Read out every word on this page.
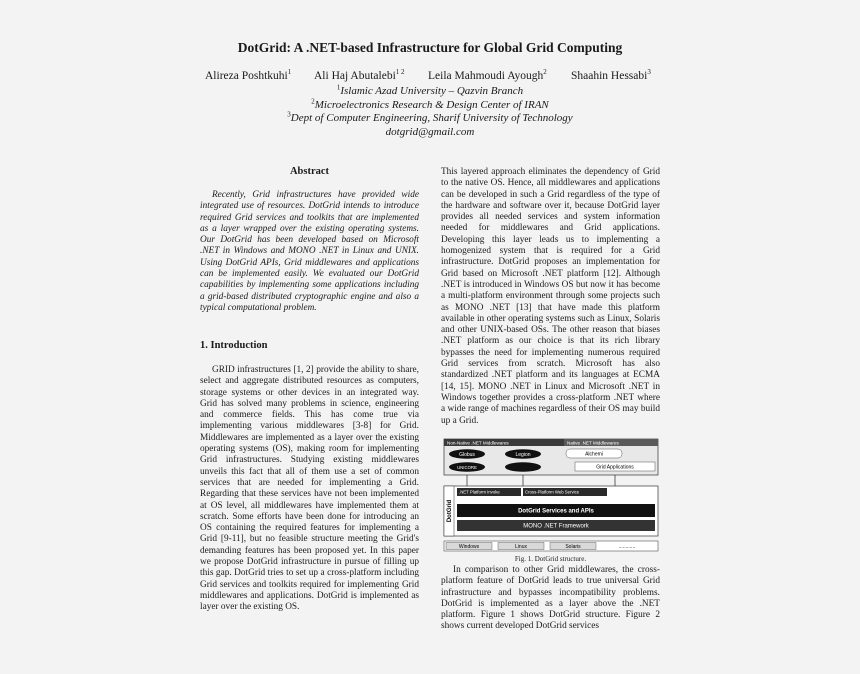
DotGrid: A .NET-based Infrastructure for Global Grid Computing
Alireza Poshtkuhi$^1$ Ali Haj Abutalebi$^{1 2}$ Leila Mahmoudi Ayough$^2$ Shaahin Hessabi$^3$
$^1$Islamic Azad University – Qazvin Branch
$^2$Microelectronics Research & Design Center of IRAN
$^3$Dept of Computer Engineering, Sharif University of Technology
dotgrid@gmail.com
Abstract
Recently, Grid infrastructures have provided wide integrated use of resources. DotGrid intends to introduce required Grid services and toolkits that are implemented as a layer wrapped over the existing operating systems. Our DotGrid has been developed based on Microsoft .NET in Windows and MONO .NET in Linux and UNIX. Using DotGrid APIs, Grid middlewares and applications can be implemented easily. We evaluated our DotGrid capabilities by implementing some applications including a grid-based distributed cryptographic engine and also a typical computational problem.
1. Introduction
GRID infrastructures [1, 2] provide the ability to share, select and aggregate distributed resources as computers, storage systems or other devices in an integrated way. Grid has solved many problems in science, engineering and commerce fields. This has come true via implementing various middlewares [3-8] for Grid. Middlewares are implemented as a layer over the existing operating systems (OS), making room for implementing Grid infrastructures. Studying existing middlewares unveils this fact that all of them use a set of common services that are needed for implementing a Grid. Regarding that these services have not been implemented at OS level, all middlewares have implemented them at scratch. Some efforts have been done for introducing an OS containing the required features for implementing a Grid [9-11], but no feasible structure meeting the Grid's demanding features has been proposed yet. In this paper we propose DotGrid infrastructure in pursue of filling up this gap. DotGrid tries to set up a cross-platform including Grid services and toolkits required for implementing Grid middlewares and applications. DotGrid is implemented as layer over the existing OS.
This layered approach eliminates the dependency of Grid to the native OS. Hence, all middlewares and applications can be developed in such a Grid regardless of the type of the hardware and software over it, because DotGrid layer provides all needed services and system information needed for middlewares and Grid applications. Developing this layer leads us to implementing a homogenized system that is required for a Grid infrastructure. DotGrid proposes an implementation for Grid based on Microsoft .NET platform [12]. Although .NET is introduced in Windows OS but now it has become a multi-platform environment through some projects such as MONO .NET [13] that have made this platform available in other operating systems such as Linux, Solaris and other UNIX-based OSs. The other reason that biases .NET platform as our choice is that its rich library bypasses the need for implementing numerous required Grid services from scratch. Microsoft has also standardized .NET platform and its languages at ECMA [14, 15]. MONO .NET in Linux and Microsoft .NET in Windows together provides a cross-platform .NET where a wide range of machines regardless of their OS may build up a Grid.
Non-Native .NET Middlewares	Native .NET Middlewares
Globus	Legion
UNICORE
Alchemi
Grid Applications
DotGrid
.NET Platform Invoke	Cross-Platform Web Service
DotGrid Services and APIs
MONO .NET Framework
Windows	Linux	Solaris	............
Fig. 1. DotGrid structure.
In comparison to other Grid middlewares, the cross-platform feature of DotGrid leads to true universal Grid infrastructure and bypasses incompatibility problems. DotGrid is implemented as a layer above the .NET platform. Figure 1 shows DotGrid structure. Figure 2 shows current developed DotGrid services
